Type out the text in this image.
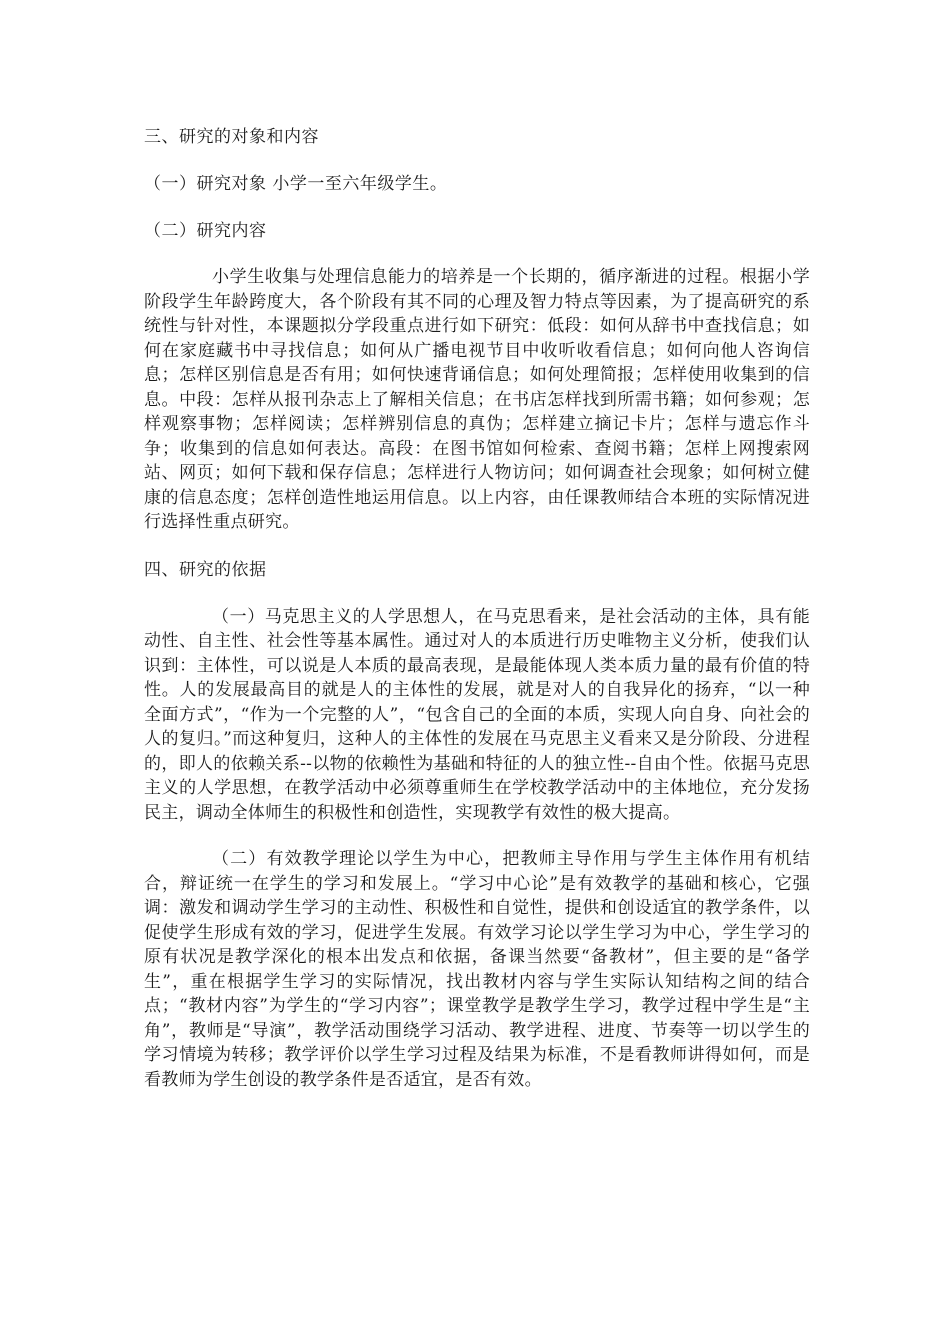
三、研究的对象和内容

（一）研究对象 小学一至六年级学生。

（二）研究内容

小学生收集与处理信息能力的培养是一个长期的，循序渐进的过程。根据小学阶段学生年龄跨度大，各个阶段有其不同的心理及智力特点等因素，为了提高研究的系统性与针对性，本课题拟分学段重点进行如下研究：低段：如何从辞书中查找信息；如何在家庭藏书中寻找信息；如何从广播电视节目中收听收看信息；如何向他人咨询信息；怎样区别信息是否有用；如何快速背诵信息；如何处理简报；怎样使用收集到的信息。中段：怎样从报刊杂志上了解相关信息；在书店怎样找到所需书籍；如何参观；怎样观察事物；怎样阅读；怎样辨别信息的真伪；怎样建立摘记卡片；怎样与遗忘作斗争；收集到的信息如何表达。高段：在图书馆如何检索、查阅书籍；怎样上网搜索网站、网页；如何下载和保存信息；怎样进行人物访问；如何调查社会现象；如何树立健康的信息态度；怎样创造性地运用信息。以上内容，由任课教师结合本班的实际情况进行选择性重点研究。

四、研究的依据

（一）马克思主义的人学思想人，在马克思看来，是社会活动的主体，具有能动性、自主性、社会性等基本属性。通过对人的本质进行历史唯物主义分析，使我们认识到：主体性，可以说是人本质的最高表现，是最能体现人类本质力量的最有价值的特性。人的发展最高目的就是人的主体性的发展，就是对人的自我异化的扬弃，“以一种全面方式”，“作为一个完整的人”，“包含自己的全面的本质，实现人向自身、向社会的人的复归。”而这种复归，这种人的主体性的发展在马克思主义看来又是分阶段、分进程的，即人的依赖关系--以物的依赖性为基础和特征的人的独立性--自由个性。依据马克思主义的人学思想，在教学活动中必须尊重师生在学校教学活动中的主体地位，充分发扬民主，调动全体师生的积极性和创造性，实现教学有效性的极大提高。

（二）有效教学理论以学生为中心，把教师主导作用与学生主体作用有机结合，辩证统一在学生的学习和发展上。“学习中心论”是有效教学的基础和核心，它强调：激发和调动学生学习的主动性、积极性和自觉性，提供和创设适宜的教学条件，以促使学生形成有效的学习，促进学生发展。有效学习论以学生学习为中心，学生学习的原有状况是教学深化的根本出发点和依据，备课当然要“备教材”，但主要的是“备学生”，重在根据学生学习的实际情况，找出教材内容与学生实际认知结构之间的结合点；“教材内容”为学生的“学习内容”；课堂教学是教学生学习，教学过程中学生是“主角”，教师是“导演”，教学活动围绕学习活动、教学进程、进度、节奏等一切以学生的学习情境为转移；教学评价以学生学习过程及结果为标准，不是看教师讲得如何，而是看教师为学生创设的教学条件是否适宜，是否有效。
